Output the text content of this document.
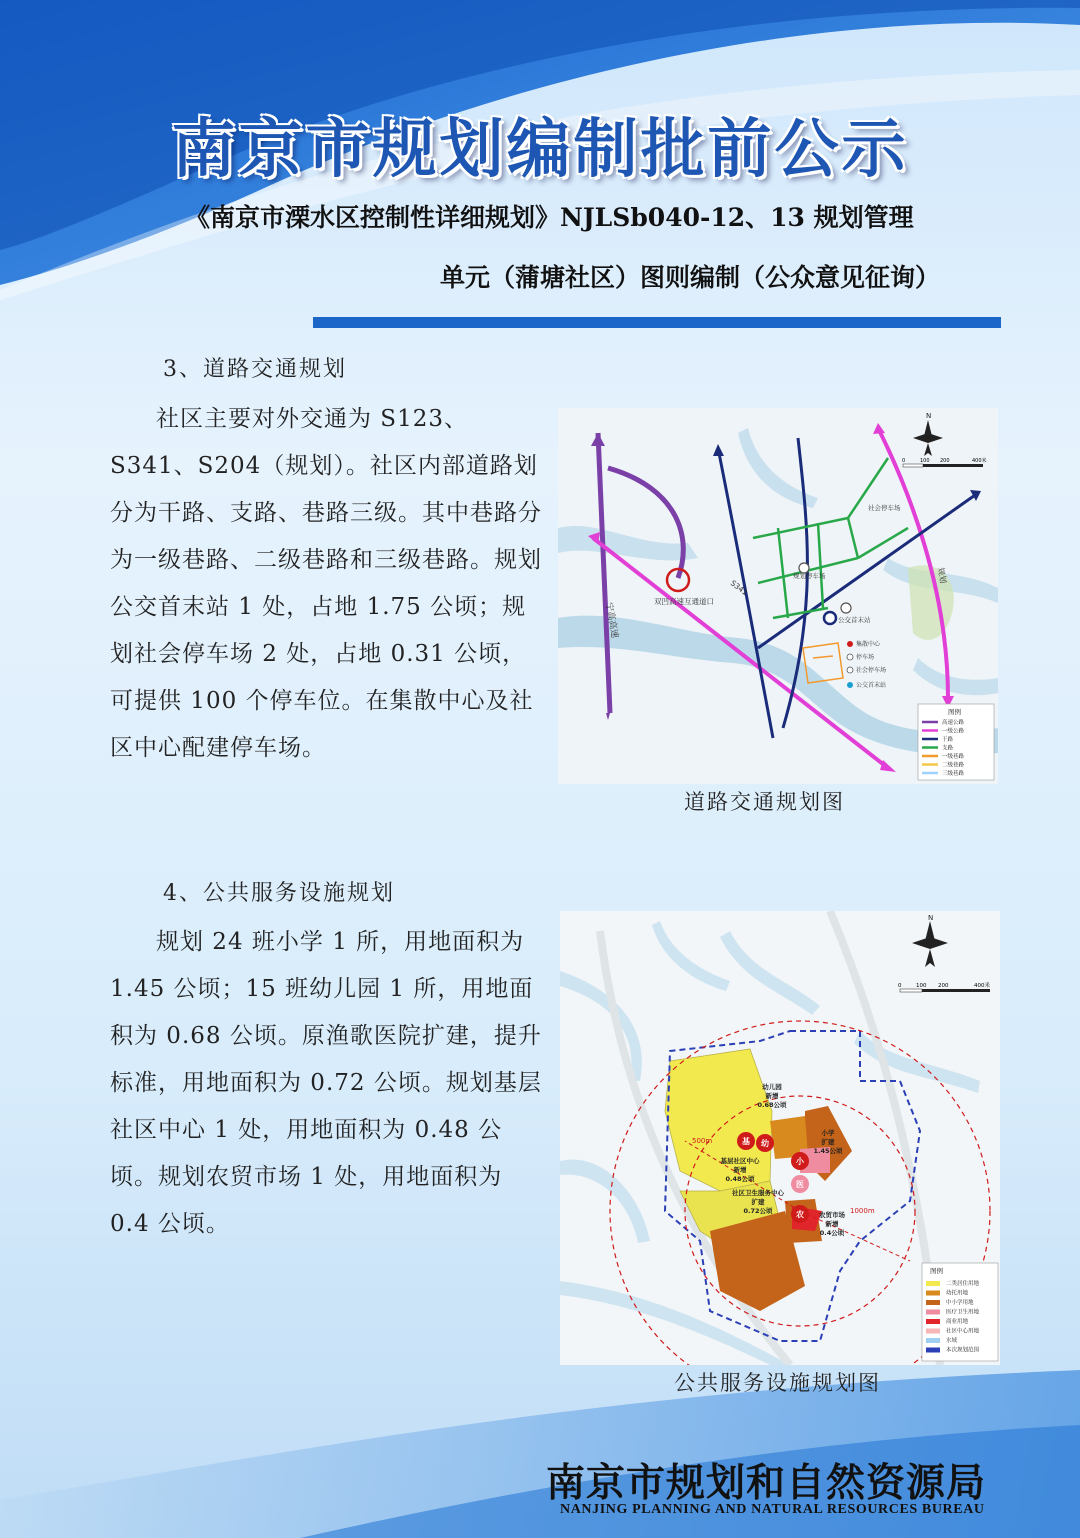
南京市规划编制批前公示
《南京市溧水区控制性详细规划》NJLSb040-12、13 规划管理
单元（蒲塘社区）图则编制（公众意见征询）
3、道路交通规划

社区主要对外交通为 S123、S341、S204（规划）。社区内部道路划分为干路、支路、巷路三级。其中巷路分为一级巷路、二级巷路和三级巷路。规划公交首末站 1 处，占地 1.75 公顷；规划社会停车场 2 处，占地 0.31 公顷，可提供 100 个停车位。在集散中心及社区中心配建停车场。

宁高高速
双凹高速互通道口
S341
规划
社会停车场
规划停车场
公交首末站
集散中心
停车场
社会停车场
公交首末站
N
0	100 200	400米
图例
高速公路
一级公路
干路
支路
一级巷路
二级巷路
三级巷路
道路交通规划图
4、公共服务设施规划

规划 24 班小学 1 所，用地面积为 1.45 公顷；15 班幼儿园 1 所，用地面积为 0.68 公顷。原渔歌医院扩建，提升标准，用地面积为 0.72 公顷。规划基层社区中心 1 处，用地面积为 0.48 公顷。规划农贸市场 1 处，用地面积为 0.4 公顷。

500m
1000m
基 幼
小
医
农
幼儿园
新增
0.68公顷
小学
扩建
1.45公顷
基层社区中心
新增
0.48公顷
社区卫生服务中心
扩建
0.72公顷	农贸市场
新增
0.4公顷
N
0	100 200	400米
图例
二类居住用地
幼托用地
中小学用地
医疗卫生用地
商业用地
社区中心用地
水域
本次规划范围
公共服务设施规划图
南京市规划和自然资源局
NANJING PLANNING AND NATURAL RESOURCES BUREAU
